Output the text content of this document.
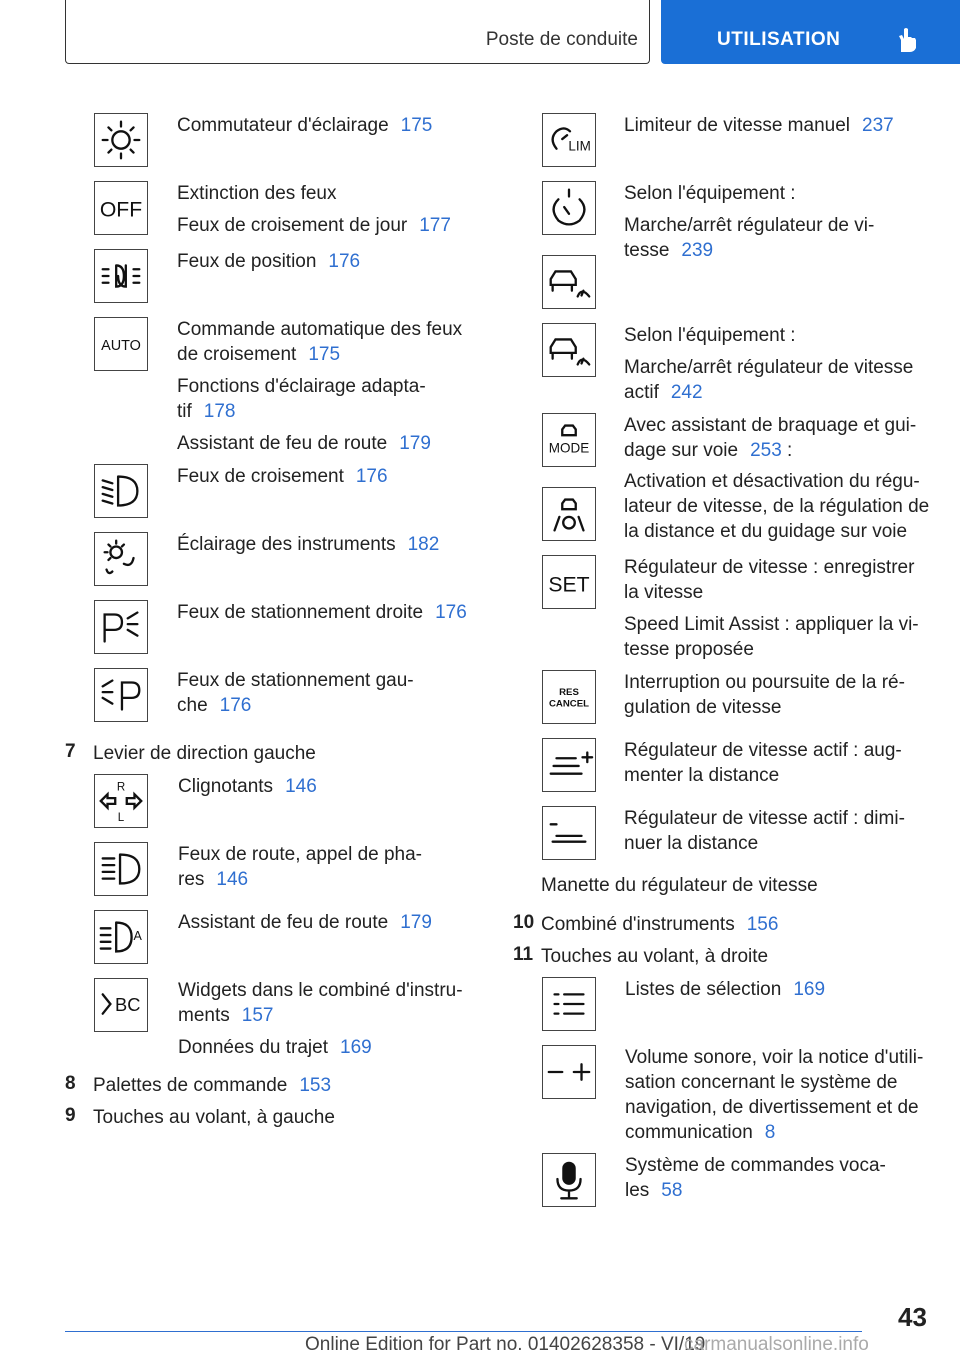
Poste de conduite	UTILISATION
Commutateur d'éclairage 175
OFF
Extinction des feux
Feux de croisement de jour 177
Feux de position 176
AUTO
Commande automatique des feux
de croisement 175
Fonctions d'éclairage adapta-
tif 178
Assistant de feu de route 179
Feux de croisement 176
Éclairage des instruments 182
Feux de stationnement droite 176
Feux de stationnement gau-
che 176
7 Levier de direction gauche
R
L
Clignotants 146
Feux de route, appel de pha-
res 146
A
Assistant de feu de route 179
BC
Widgets dans le combiné d'instru-
ments 157
Données du trajet 169
8 Palettes de commande 153
9 Touches au volant, à gauche
LIM
Limiteur de vitesse manuel 237
Selon l'équipement :
Marche/arrêt régulateur de vi-
tesse 239
Selon l'équipement :
Marche/arrêt régulateur de vitesse
actif 242
MODE
Avec assistant de braquage et gui-
dage sur voie 253 :
Activation et désactivation du régu-
lateur de vitesse, de la régulation de
la distance et du guidage sur voie
SET
Régulateur de vitesse : enregistrer
la vitesse
Speed Limit Assist : appliquer la vi-
tesse proposée
RES
CANCEL
Interruption ou poursuite de la ré-
gulation de vitesse
Régulateur de vitesse actif : aug-
menter la distance
Régulateur de vitesse actif : dimi-
nuer la distance
Manette du régulateur de vitesse
10 Combiné d'instruments 156
11 Touches au volant, à droite
Listes de sélection 169
Volume sonore, voir la notice d'utili-
sation concernant le système de
navigation, de divertissement et de
communication 8
Système de commandes voca-
les 58
43
Online Edition for Part no. 01402628358 - VI/19
carmanualsonline.info
